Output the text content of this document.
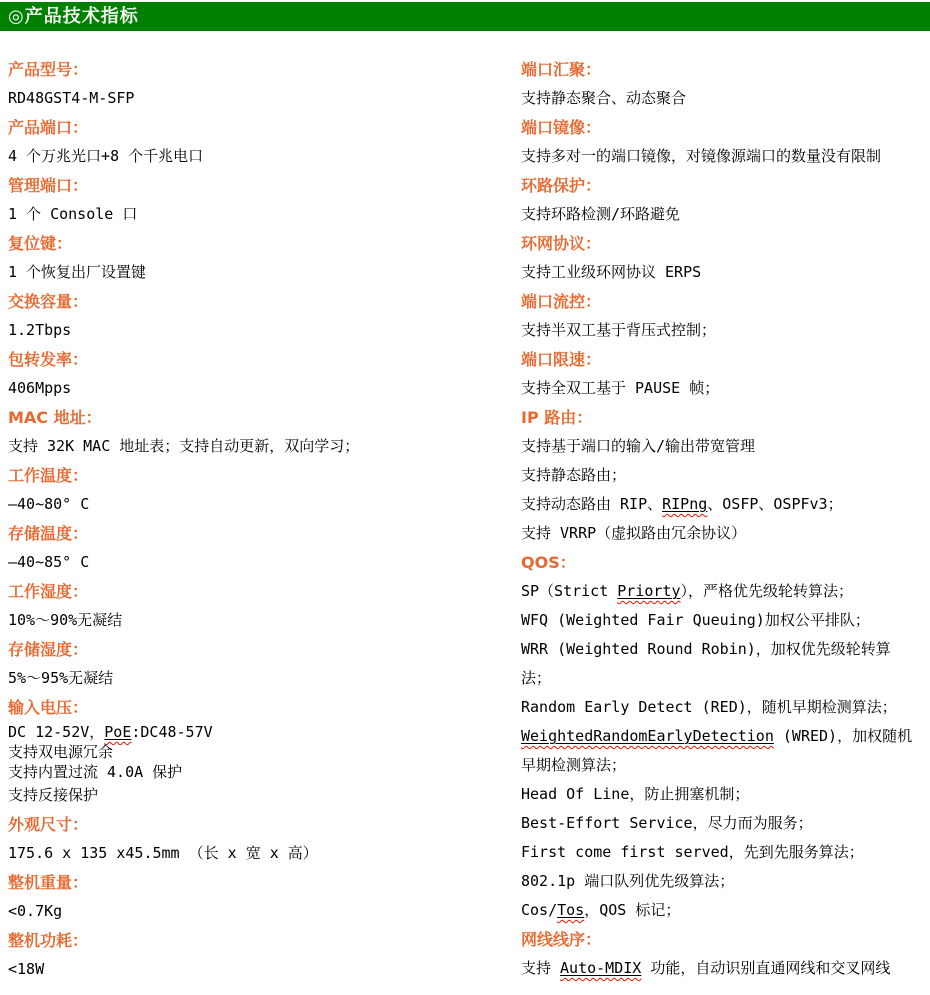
◎产品技术指标

产品型号：

RD48GST4-M-SFP

产品端口：

4 个万兆光口+8 个千兆电口

管理端口：

1 个 Console 口

复位键：

1 个恢复出厂设置键

交换容量：

1.2Tbps

包转发率：

406Mpps

MAC 地址：

支持 32K MAC 地址表；支持自动更新，双向学习；

工作温度：

—40~80° C

存储温度：

—40~85° C

工作湿度：

10%～90%无凝结

存储湿度：

5%～95%无凝结

输入电压：

DC 12-52V，PoE:DC48-57V

支持双电源冗余

支持内置过流 4.0A 保护

支持反接保护

外观尺寸：

175.6 x 135 x45.5mm （长 x 宽 x 高）

整机重量：

<0.7Kg

整机功耗：

<18W

端口汇聚：

支持静态聚合、动态聚合

端口镜像：

支持多对一的端口镜像，对镜像源端口的数量没有限制

环路保护：

支持环路检测/环路避免

环网协议：

支持工业级环网协议 ERPS

端口流控：

支持半双工基于背压式控制；

端口限速：

支持全双工基于 PAUSE 帧；

IP 路由：

支持基于端口的输入/输出带宽管理

支持静态路由；

支持动态路由 RIP、RIPng、OSFP、OSPFv3；

支持 VRRP（虚拟路由冗余协议）

QOS：

SP（Strict Priorty），严格优先级轮转算法；

WFQ (Weighted Fair Queuing)加权公平排队；

WRR (Weighted Round Robin)，加权优先级轮转算法；

Random Early Detect (RED)，随机早期检测算法；

WeightedRandomEarlyDetection (WRED)，加权随机早期检测算法；

Head Of Line，防止拥塞机制；

Best-Effort Service，尽力而为服务；

First come first served，先到先服务算法；

802.1p 端口队列优先级算法；

Cos/Tos，QOS 标记；

网线线序：

支持 Auto-MDIX 功能，自动识别直通网线和交叉网线
